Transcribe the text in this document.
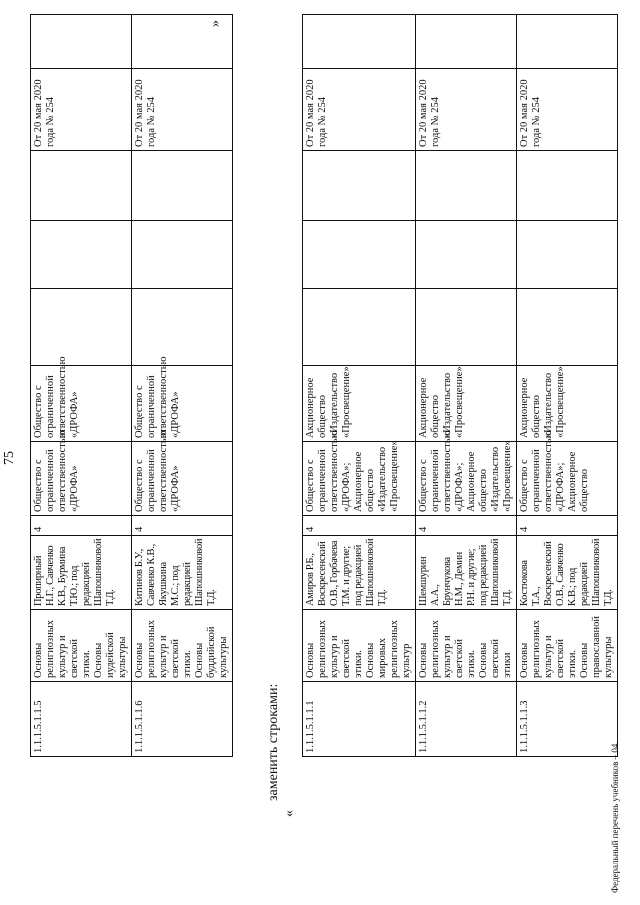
75
1.1.1.5.1.1.5	Основы религиозных культур и светской этики. Основы иудейской культуры	Пропирный Н.Г., Савченко К.В., Бурмина Т.Ю.; под редакцией Шапошниковой Т.Д.	4	Общество с ограниченной ответственностью «ДРОФА»	Общество с ограниченной ответственностью «ДРОФА»				От 20 мая 2020 года № 254	
1.1.1.5.1.1.6	Основы религиозных культур и светской этики. Основы буддийской культуры	Китинов Б.У., Савченко К.В., Якушкина М.С.; под редакцией Шапошниковой Т.Д.	4	Общество с ограниченной ответственностью «ДРОФА»	Общество с ограниченной ответственностью «ДРОФА»				От 20 мая 2020 года № 254	
»
заменить строками:
«
1.1.1.5.1.1.1	Основы религиозных культур и светской этики. Основы мировых религиозных культур	Амиров Р.Б., Воскресенский О.В., Горбачева Т.М. и другие; под редакцией Шапошниковой Т.Д.	4	Общество с ограниченной ответственностью «ДРОФА»; Акционерное общество «Издательство «Просвещение»	Акционерное общество «Издательство «Просвещение»				От 20 мая 2020 года № 254	
1.1.1.5.1.1.2	Основы религиозных культур и светской этики. Основы светской этики	Шемшурин А.А., Брунчукова Н.М., Демин Р.Н. и другие; под редакцией Шапошниковой Т.Д.	4	Общество с ограниченной ответственностью «ДРОФА»; Акционерное общество «Издательство «Просвещение»	Акционерное общество «Издательство «Просвещение»				От 20 мая 2020 года № 254	
1.1.1.5.1.1.3	Основы религиозных культур и светской этики. Основы православной культуры	Костюкова Т.А., Воскресенский О.В., Савченко К.В.; под редакцией Шапошниковой Т.Д.	4	Общество с ограниченной ответственностью «ДРОФА»; Акционерное общество	Акционерное общество «Издательство «Просвещение»				От 20 мая 2020 года № 254	
Федеральный перечень учебников – 04
